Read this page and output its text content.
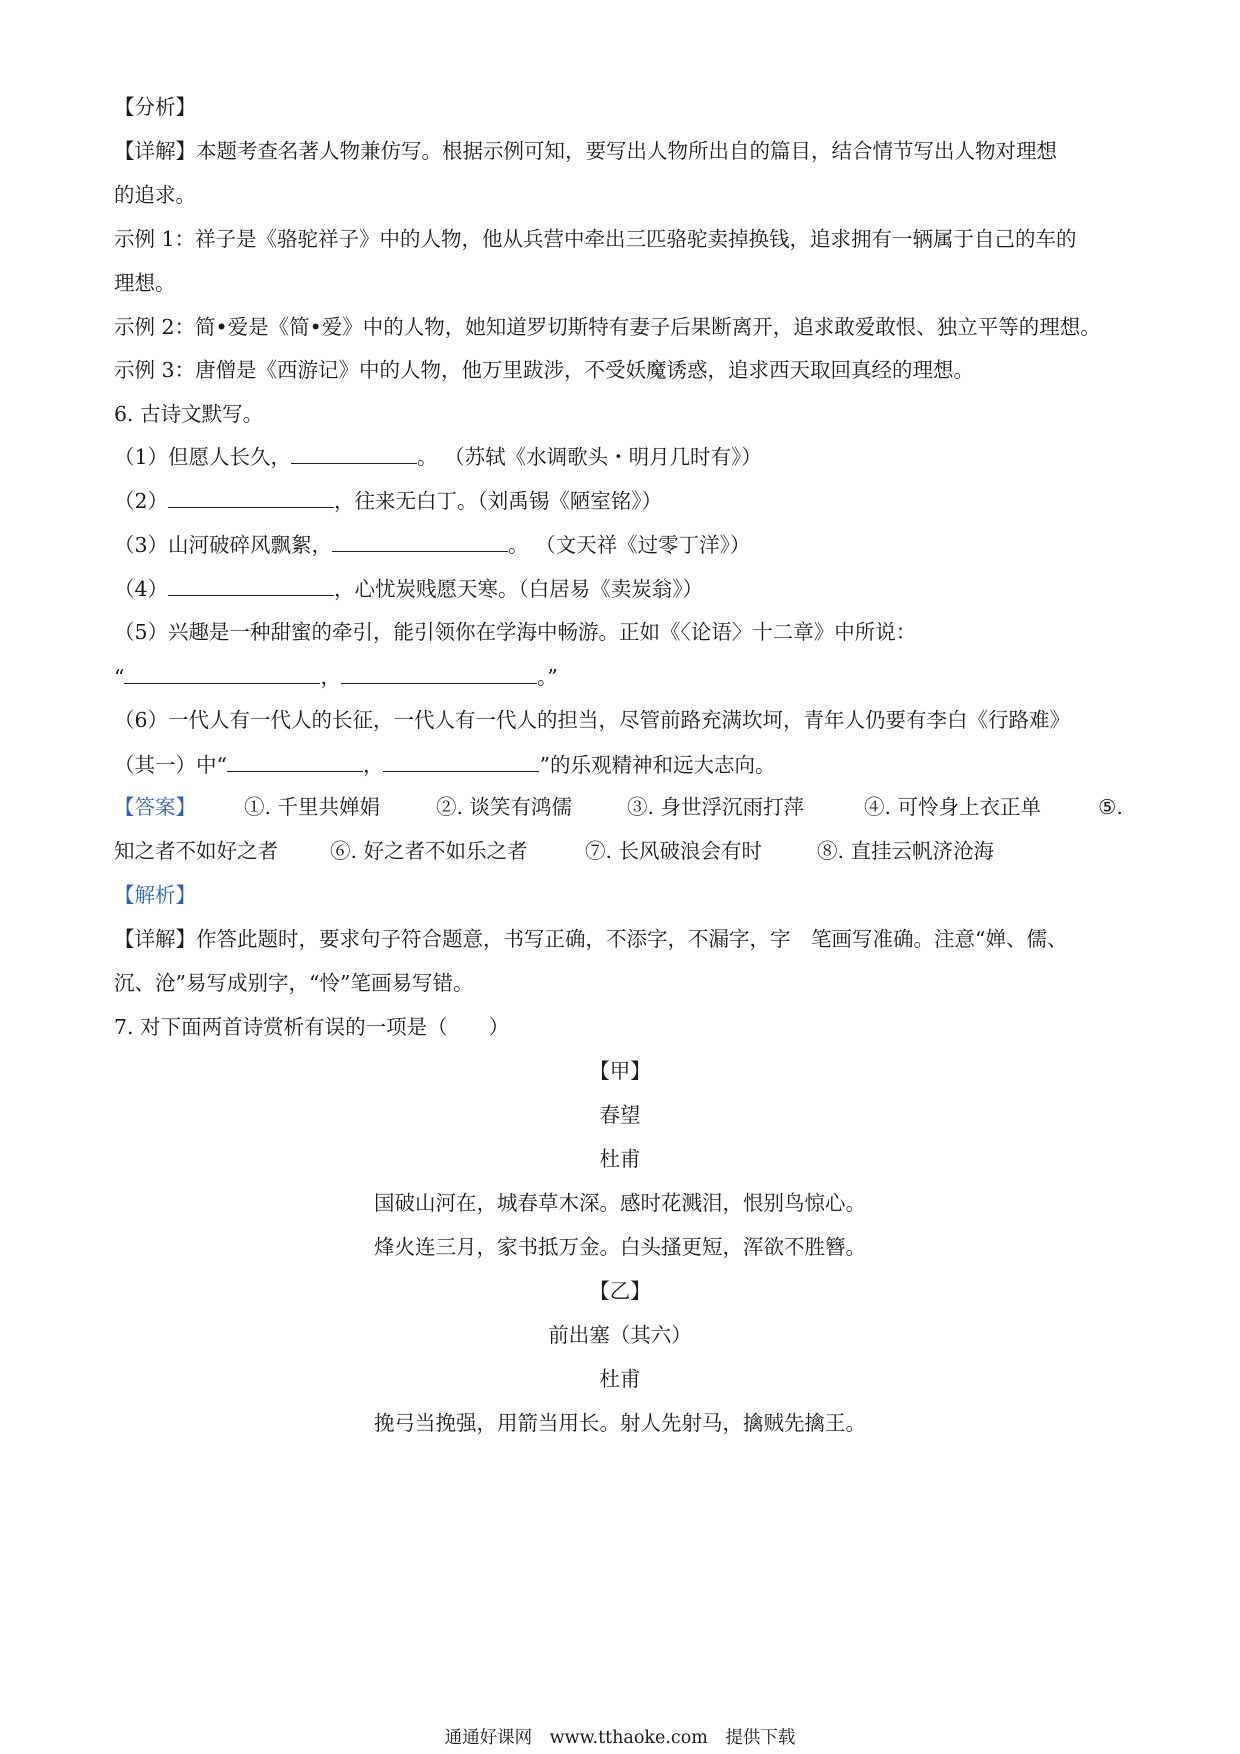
【分析】
【详解】本题考查名著人物兼仿写。根据示例可知，要写出人物所出自的篇目，结合情节写出人物对理想
的追求。
示例 1：祥子是《骆驼祥子》中的人物，他从兵营中牵出三匹骆驼卖掉换钱，追求拥有一辆属于自己的车的
理想。
示例 2：简•爱是《简•爱》中的人物，她知道罗切斯特有妻子后果断离开，追求敢爱敢恨、独立平等的理想。
示例 3：唐僧是《西游记》中的人物，他万里跋涉，不受妖魔诱惑，追求西天取回真经的理想。
6. 古诗文默写。
（1）但愿人长久，	。 （苏轼《水调歌头・明月几时有》）
（2）	，往来无白丁。（刘禹锡《陋室铭》）
（3）山河破碎风飘絮，	。 （文天祥《过零丁洋》）
（4）	，心忧炭贱愿天寒。（白居易《卖炭翁》）
（5）兴趣是一种甜蜜的牵引，能引领你在学海中畅游。正如《〈论语〉十二章》中所说：
“	，	。”
（6）一代人有一代人的长征，一代人有一代人的担当，尽管前路充满坎坷，青年人仍要有李白《行路难》
（其一）中“	，	”的乐观精神和远大志向。
【答案】 ①. 千里共婵娟	②. 谈笑有鸿儒	③. 身世浮沉雨打萍	④. 可怜身上衣正单	⑤.
知之者不如好之者	⑥. 好之者不如乐之者	⑦. 长风破浪会有时	⑧. 直挂云帆济沧海
【解析】
【详解】作答此题时，要求句子符合题意，书写正确，不添字，不漏字，字　笔画写准确。注意“婵、儒、
沉、沧”易写成别字，“怜”笔画易写错。
7. 对下面两首诗赏析有误的一项是（　　）
【甲】
春望
杜甫
国破山河在，城春草木深。感时花溅泪，恨别鸟惊心。
烽火连三月，家书抵万金。白头搔更短，浑欲不胜簪。
【乙】
前出塞（其六）
杜甫
挽弓当挽强，用箭当用长。射人先射马，擒贼先擒王。
通通好课网　www.tthaoke.com　提供下载
